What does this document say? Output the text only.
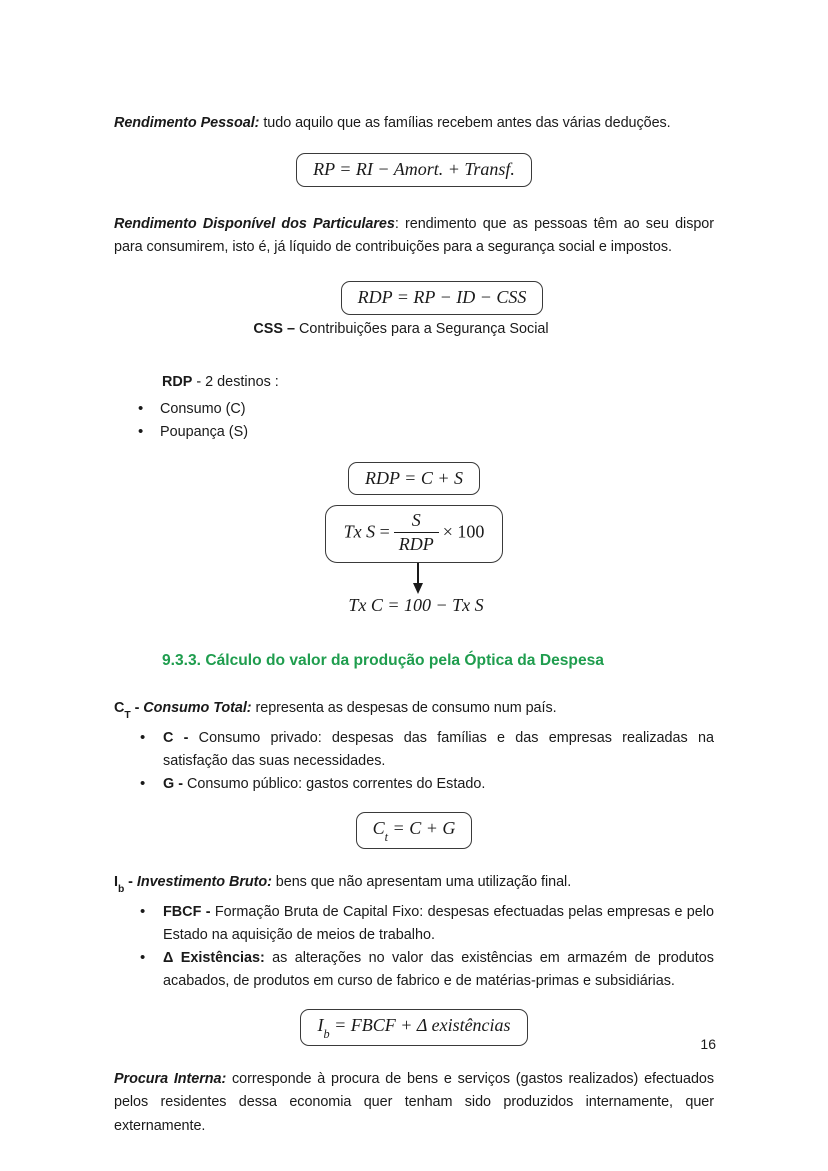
Rendimento Pessoal: tudo aquilo que as famílias recebem antes das várias deduções.

RP = RI − Amort. + Transf.

Rendimento Disponível dos Particulares: rendimento que as pessoas têm ao seu dispor para consumirem, isto é, já líquido de contribuições para a segurança social e impostos.

RDP = RP − ID − CSS
CSS – Contribuições para a Segurança Social
RDP - 2 destinos :
• Consumo (C)
• Poupança (S)
RDP = C + S
Tx $S = \frac{S}{\text{RDP}} \times 100$
Tx C = 100 − Tx S
9.3.3. Cálculo do valor da produção pela Óptica da Despesa

$C_T$ - Consumo Total: representa as despesas de consumo num país.

• C - Consumo privado: despesas das famílias e das empresas realizadas na satisfação das suas necessidades.
• G - Consumo público: gastos correntes do Estado.
$C_t = C + G$

$I_b$ - Investimento Bruto: bens que não apresentam uma utilização final.

• FBCF - Formação Bruta de Capital Fixo: despesas efectuadas pelas empresas e pelo Estado na aquisição de meios de trabalho.
• Δ Existências: as alterações no valor das existências em armazém de produtos acabados, de produtos em curso de fabrico e de matérias-primas e subsidiárias.
$I_b$ = FBCF + Δ existências

Procura Interna: corresponde à procura de bens e serviços (gastos realizados) efectuados pelos residentes dessa economia quer tenham sido produzidos internamente, quer externamente.

16
